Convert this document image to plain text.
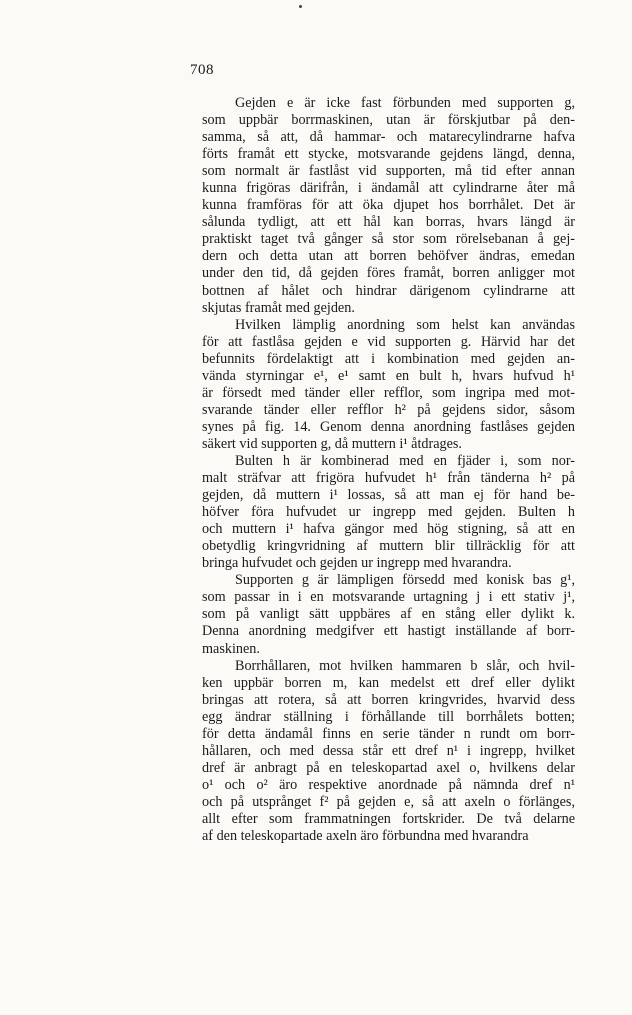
708
Gejden e är icke fast förbunden med supporten g,
som uppbär borrmaskinen, utan är förskjutbar på den-
samma, så att, då hammar- och matarecylindrarne hafva
förts framåt ett stycke, motsvarande gejdens längd, denna,
som normalt är fastlåst vid supporten, må tid efter annan
kunna frigöras därifrån, i ändamål att cylindrarne åter må
kunna framföras för att öka djupet hos borrhålet. Det är
sålunda tydligt, att ett hål kan borras, hvars längd är
praktiskt taget två gånger så stor som rörelsebanan å gej-
dern och detta utan att borren behöfver ändras, emedan
under den tid, då gejden föres framåt, borren anligger mot
bottnen af hålet och hindrar därigenom cylindrarne att
skjutas framåt med gejden.
Hvilken lämplig anordning som helst kan användas
för att fastlåsa gejden e vid supporten g. Härvid har det
befunnits fördelaktigt att i kombination med gejden an-
vända styrningar e¹, e¹ samt en bult h, hvars hufvud h¹
är försedt med tänder eller refflor, som ingripa med mot-
svarande tänder eller refflor h² på gejdens sidor, såsom
synes på fig. 14. Genom denna anordning fastlåses gejden
säkert vid supporten g, då muttern i¹ åtdrages.
Bulten h är kombinerad med en fjäder i, som nor-
malt sträfvar att frigöra hufvudet h¹ från tänderna h² på
gejden, då muttern i¹ lossas, så att man ej för hand be-
höfver föra hufvudet ur ingrepp med gejden. Bulten h
och muttern i¹ hafva gängor med hög stigning, så att en
obetydlig kringvridning af muttern blir tillräcklig för att
bringa hufvudet och gejden ur ingrepp med hvarandra.
Supporten g är lämpligen försedd med konisk bas g¹,
som passar in i en motsvarande urtagning j i ett stativ j¹,
som på vanligt sätt uppbäres af en stång eller dylikt k.
Denna anordning medgifver ett hastigt inställande af borr-
maskinen.
Borrhållaren, mot hvilken hammaren b slår, och hvil-
ken uppbär borren m, kan medelst ett dref eller dylikt
bringas att rotera, så att borren kringvrides, hvarvid dess
egg ändrar ställning i förhållande till borrhålets botten;
för detta ändamål finns en serie tänder n rundt om borr-
hållaren, och med dessa står ett dref n¹ i ingrepp, hvilket
dref är anbragt på en teleskopartad axel o, hvilkens delar
o¹ och o² äro respektive anordnade på nämnda dref n¹
och på utsprånget f² på gejden e, så att axeln o förlänges,
allt efter som frammatningen fortskrider. De två delarne
af den teleskopartade axeln äro förbundna med hvarandra
